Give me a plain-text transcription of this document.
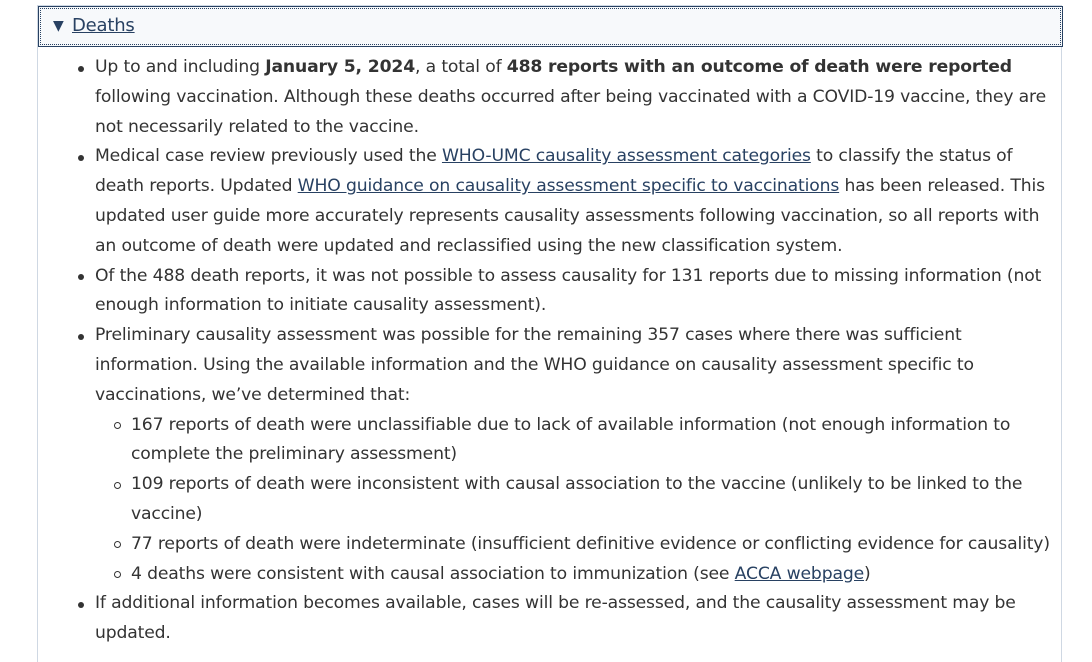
▼ Deaths
Up to and including January 5, 2024, a total of 488 reports with an outcome of death were reported following vaccination. Although these deaths occurred after being vaccinated with a COVID-19 vaccine, they are not necessarily related to the vaccine.
Medical case review previously used the WHO-UMC causality assessment categories to classify the status of death reports. Updated WHO guidance on causality assessment specific to vaccinations has been released. This updated user guide more accurately represents causality assessments following vaccination, so all reports with an outcome of death were updated and reclassified using the new classification system.
Of the 488 death reports, it was not possible to assess causality for 131 reports due to missing information (not enough information to initiate causality assessment).
Preliminary causality assessment was possible for the remaining 357 cases where there was sufficient information. Using the available information and the WHO guidance on causality assessment specific to vaccinations, we’ve determined that:
167 reports of death were unclassifiable due to lack of available information (not enough information to complete the preliminary assessment)
109 reports of death were inconsistent with causal association to the vaccine (unlikely to be linked to the vaccine)
77 reports of death were indeterminate (insufficient definitive evidence or conflicting evidence for causality)
4 deaths were consistent with causal association to immunization (see ACCA webpage)
If additional information becomes available, cases will be re-assessed, and the causality assessment may be updated.
